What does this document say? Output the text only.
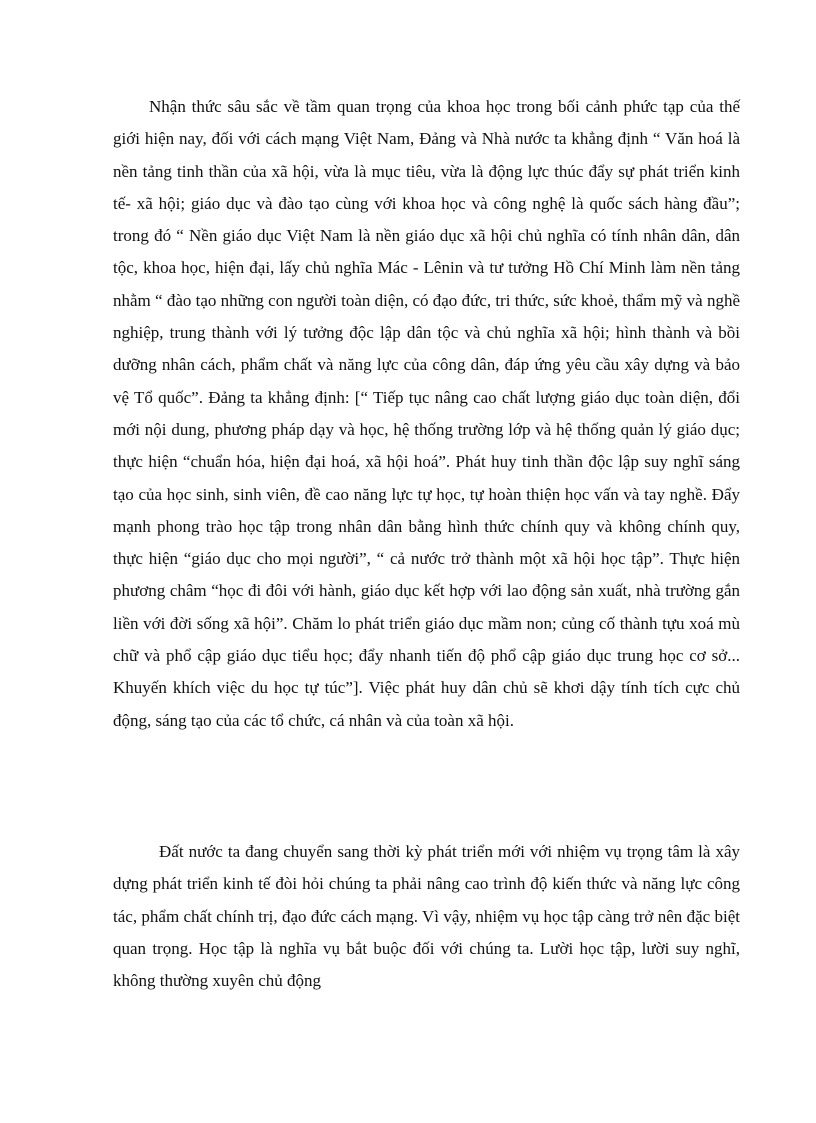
Nhận thức sâu sắc về tầm quan trọng của khoa học trong bối cảnh phức tạp của thế giới hiện nay, đối với cách mạng Việt Nam, Đảng và Nhà nước ta khẳng định “ Văn hoá là nền tảng tinh thần của xã hội, vừa là mục tiêu, vừa là động lực thúc đẩy sự phát triển kinh tế- xã hội; giáo dục và đào tạo cùng với khoa học và công nghệ là quốc sách hàng đầu”; trong đó “ Nền giáo dục Việt Nam là nền giáo dục xã hội chủ nghĩa có tính nhân dân, dân tộc, khoa học, hiện đại, lấy chủ nghĩa Mác - Lênin và tư tưởng Hồ Chí Minh làm nền tảng nhằm “ đào tạo những con người toàn diện, có đạo đức, tri thức, sức khoẻ, thẩm mỹ và nghề nghiệp, trung thành với lý tưởng độc lập dân tộc và chủ nghĩa xã hội; hình thành và bồi dưỡng nhân cách, phẩm chất và năng lực của công dân, đáp ứng yêu cầu xây dựng và bảo vệ Tổ quốc”. Đảng ta khẳng định: [“ Tiếp tục nâng cao chất lượng giáo dục toàn diện, đổi mới nội dung, phương pháp dạy và học, hệ thống trường lớp và hệ thống quản lý giáo dục; thực hiện “chuẩn hóa, hiện đại hoá, xã hội hoá”. Phát huy tinh thần độc lập suy nghĩ sáng tạo của học sinh, sinh viên, đề cao năng lực tự học, tự hoàn thiện học vấn và tay nghề. Đẩy mạnh phong trào học tập trong nhân dân bằng hình thức chính quy và không chính quy, thực hiện “giáo dục cho mọi người”, “ cả nước trở thành một xã hội học tập”. Thực hiện phương châm “học đi đôi với hành, giáo dục kết hợp với lao động sản xuất, nhà trường gắn liền với đời sống xã hội”. Chăm lo phát triển giáo dục mầm non; củng cố thành tựu xoá mù chữ và phổ cập giáo dục tiểu học; đẩy nhanh tiến độ phổ cập giáo dục trung học cơ sở... Khuyến khích việc du học tự túc”]. Việc phát huy dân chủ sẽ khơi dậy tính tích cực chủ động, sáng tạo của các tổ chức, cá nhân và của toàn xã hội.

Đất nước ta đang chuyển sang thời kỳ phát triển mới với nhiệm vụ trọng tâm là xây dựng phát triển kinh tế đòi hỏi chúng ta phải nâng cao trình độ kiến thức và năng lực công tác, phẩm chất chính trị, đạo đức cách mạng. Vì vậy, nhiệm vụ học tập càng trở nên đặc biệt quan trọng. Học tập là nghĩa vụ bắt buộc đối với chúng ta. Lười học tập, lười suy nghĩ, không thường xuyên chủ động
